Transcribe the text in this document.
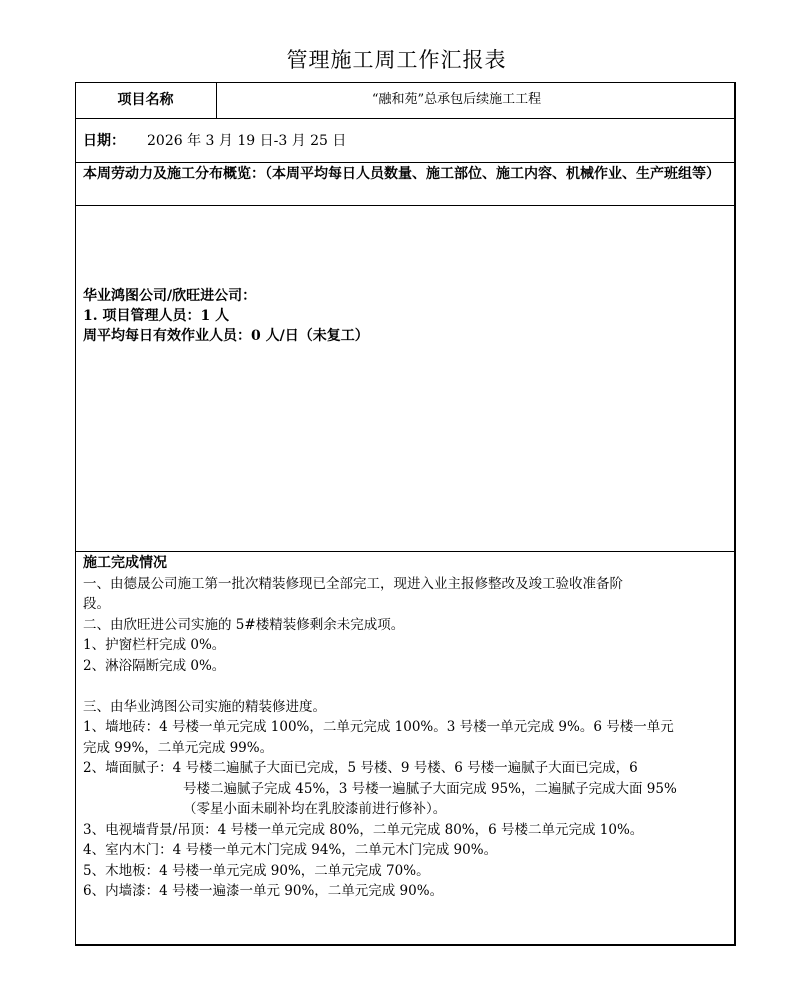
管理施工周工作汇报表
项目名称	“融和苑”总承包后续施工工程
日期： 2026 年 3 月 19 日-3 月 25 日
本周劳动力及施工分布概览：（本周平均每日人员数量、施工部位、施工内容、机械作业、生产班组等）
华业鸿图公司/欣旺进公司：
1. 项目管理人员：1 人
周平均每日有效作业人员：0 人/日（未复工）

施工完成情况

一、由德晟公司施工第一批次精装修现已全部完工，现进入业主报修整改及竣工验收准备阶

段。

二、由欣旺进公司实施的 5#楼精装修剩余未完成项。

1、护窗栏杆完成 0%。

2、淋浴隔断完成 0%。

三、由华业鸿图公司实施的精装修进度。

1、墙地砖：4 号楼一单元完成 100%，二单元完成 100%。3 号楼一单元完成 9%。6 号楼一单元

完成 99%，二单元完成 99%。

2、墙面腻子：4 号楼二遍腻子大面已完成，5 号楼、9 号楼、6 号楼一遍腻子大面已完成，6

号楼二遍腻子完成 45%，3 号楼一遍腻子大面完成 95%，二遍腻子完成大面 95%

（零星小面未刷补均在乳胶漆前进行修补）。

3、电视墙背景/吊顶：4 号楼一单元完成 80%，二单元完成 80%，6 号楼二单元完成 10%。

4、室内木门：4 号楼一单元木门完成 94%，二单元木门完成 90%。

5、木地板：4 号楼一单元完成 90%，二单元完成 70%。

6、内墙漆：4 号楼一遍漆一单元 90%，二单元完成 90%。
